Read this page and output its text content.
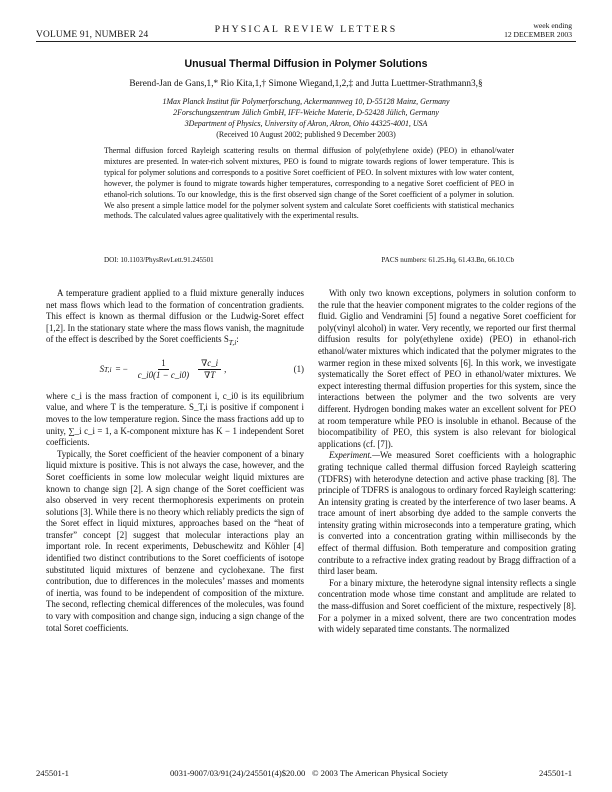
VOLUME 91, NUMBER 24	PHYSICAL REVIEW LETTERS	week ending
12 DECEMBER 2003
Unusual Thermal Diffusion in Polymer Solutions
Berend-Jan de Gans,1,* Rio Kita,1,† Simone Wiegand,1,2,‡ and Jutta Luettmer-Strathmann3,§
1Max Planck Institut für Polymerforschung, Ackermannweg 10, D-55128 Mainz, Germany
2Forschungszentrum Jülich GmbH, IFF-Weiche Materie, D-52428 Jülich, Germany
3Department of Physics, University of Akron, Akron, Ohio 44325-4001, USA
(Received 10 August 2002; published 9 December 2003)
Thermal diffusion forced Rayleigh scattering results on thermal diffusion of poly(ethylene oxide) (PEO) in ethanol/water mixtures are presented. In water-rich solvent mixtures, PEO is found to migrate towards regions of lower temperature. This is typical for polymer solutions and corresponds to a positive Soret coefficient of PEO. In solvent mixtures with low water content, however, the polymer is found to migrate towards higher temperatures, corresponding to a negative Soret coefficient of PEO in ethanol-rich solutions. To our knowledge, this is the first observed sign change of the Soret coefficient of a polymer in solution. We also present a simple lattice model for the polymer solvent system and calculate Soret coefficients with statistical mechanics methods. The calculated values agree qualitatively with the experimental results.
DOI: 10.1103/PhysRevLett.91.245501	PACS numbers: 61.25.Hq, 61.43.Bn, 66.10.Cb

A temperature gradient applied to a fluid mixture generally induces net mass flows which lead to the formation of concentration gradients. This effect is known as thermal diffusion or the Ludwig-Soret effect [1,2]. In the stationary state where the mass flows vanish, the magnitude of the effect is described by the Soret coefficients $S_{T,i}$:

S T,i = − $\frac{1}{c\_i0(1 - c\_i0)} \frac{\nabla c\_i}{\nabla T}$ ,	(1)

where c_i is the mass fraction of component i, c_i0 is its equilibrium value, and where T is the temperature. S_T,i is positive if component i moves to the low temperature region. Since the mass fractions add up to unity, ∑_i c_i = 1, a K-component mixture has K − 1 independent Soret coefficients.

Typically, the Soret coefficient of the heavier component of a binary liquid mixture is positive. This is not always the case, however, and the Soret coefficients in some low molecular weight liquid mixtures are known to change sign [2]. A sign change of the Soret coefficient was also observed in very recent thermophoresis experiments on protein solutions [3]. While there is no theory which reliably predicts the sign of the Soret effect in liquid mixtures, approaches based on the “heat of transfer” concept [2] suggest that molecular interactions play an important role. In recent experiments, Debuschewitz and Köhler [4] identified two distinct contributions to the Soret coefficients of isotope substituted liquid mixtures of benzene and cyclohexane. The first contribution, due to differences in the molecules’ masses and moments of inertia, was found to be independent of composition of the mixture. The second, reflecting chemical differences of the molecules, was found to vary with composition and change sign, inducing a sign change of the total Soret coefficients.

With only two known exceptions, polymers in solution conform to the rule that the heavier component migrates to the colder regions of the fluid. Giglio and Vendramini [5] found a negative Soret coefficient for poly(vinyl alcohol) in water. Very recently, we reported our first thermal diffusion results for poly(ethylene oxide) (PEO) in ethanol-rich ethanol/water mixtures which indicated that the polymer migrates to the warmer region in these mixed solvents [6]. In this work, we investigate systematically the Soret effect of PEO in ethanol/water mixtures. We expect interesting thermal diffusion properties for this system, since the interactions between the polymer and the two solvents are very different. Hydrogen bonding makes water an excellent solvent for PEO at room temperature while PEO is insoluble in ethanol. Because of the biocompatibility of PEO, this system is also relevant for biological applications (cf. [7]).

Experiment.—We measured Soret coefficients with a holographic grating technique called thermal diffusion forced Rayleigh scattering (TDFRS) with heterodyne detection and active phase tracking [8]. The principle of TDFRS is analogous to ordinary forced Rayleigh scattering: An intensity grating is created by the interference of two laser beams. A trace amount of inert absorbing dye added to the sample converts the intensity grating within microseconds into a temperature grating, which is converted into a concentration grating within milliseconds by the effect of thermal diffusion. Both temperature and composition grating contribute to a refractive index grating readout by Bragg diffraction of a third laser beam.

For a binary mixture, the heterodyne signal intensity reflects a single concentration mode whose time constant and amplitude are related to the mass-diffusion and Soret coefficient of the mixture, respectively [8]. For a polymer in a mixed solvent, there are two concentration modes with widely separated time constants. The normalized

245501-1	0031-9007/03/91(24)/245501(4)$20.00 © 2003 The American Physical Society	245501-1
